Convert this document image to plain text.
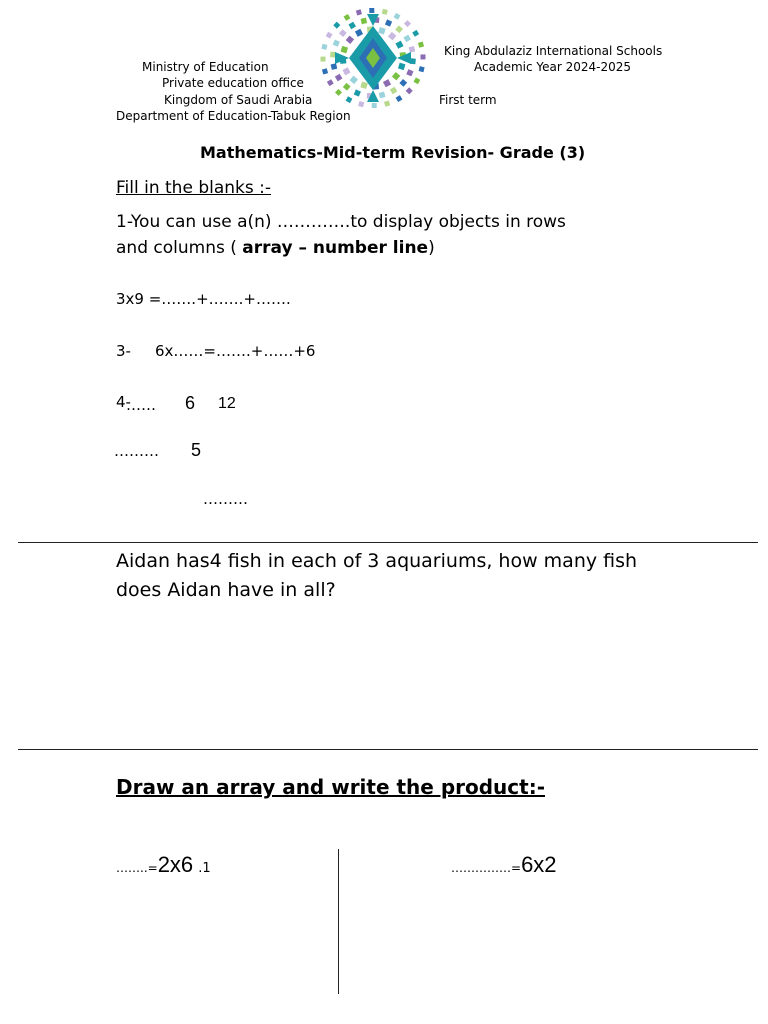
Ministry of Education
Private education office
Kingdom of Saudi Arabia
Department of Education-Tabuk Region
King Abdulaziz International Schools
Academic Year 2024-2025
First term
Mathematics-Mid-term Revision- Grade (3)
Fill in the blanks :-
1-You can use a(n) ………….to display objects in rows
and columns ( array – number line)
3x9 =…….+…….+…….
3- 6x……=…….+……+6
4-
…… 6 12
……… 5
………
Aidan has4 fish in each of 3 aquariums, how many fish
does Aidan have in all?
Draw an array and write the product:-
……..=2x6 .1	……………=6x2
